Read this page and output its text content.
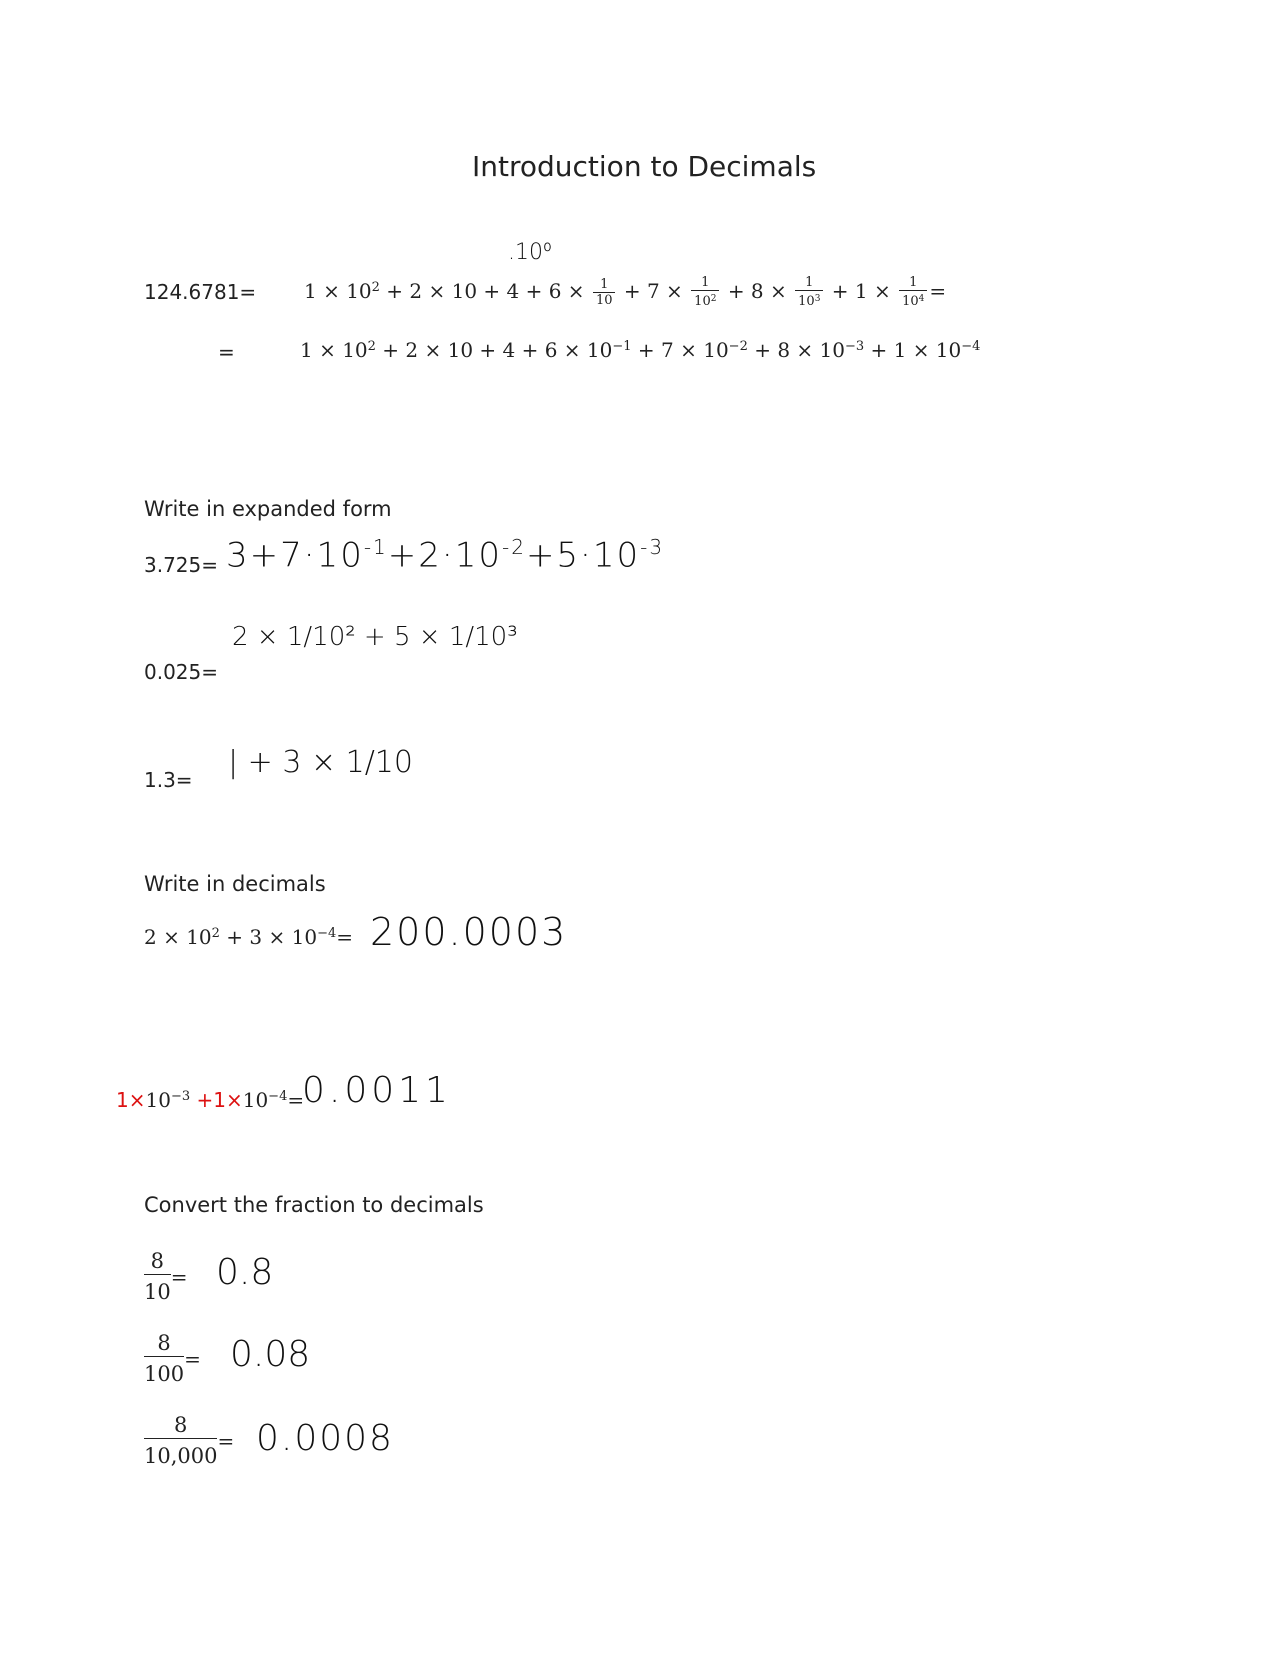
Introduction to Decimals
124.6781=
.10⁰
$1 \times 10^2 + 2 \times 10 + 4 + 6 \times \frac{1}{10} + 7 \times \frac{1}{10^2} + 8 \times \frac{1}{10^3} + 1 \times \frac{1}{10^4}$ =
=	$1 \times 10^2 + 2 \times 10 + 4 + 6 \times 10^{-1} + 7 \times 10^{-2} + 8 \times 10^{-3} + 1 \times 10^{-4}$
Write in expanded form
$3.725= 3+7\cdot 10^{-1}+2\cdot 10^{-2}+5\cdot 10^{-3}$
0.025=
2 × 1/10² + 5 × 1/10³
1.3= | + 3 × 1/10
Write in decimals
$2 \times 10^2 + 3 \times 10^{-4}= 200.0003$
$1\times 10^{-3} +1\times 10^{-4}=$
0.0011
Convert the fraction to decimals
$\frac{8}{10} = 0.8$
$\frac{8}{100} = 0.08$
$\frac{8}{10,000} = 0.0008$
